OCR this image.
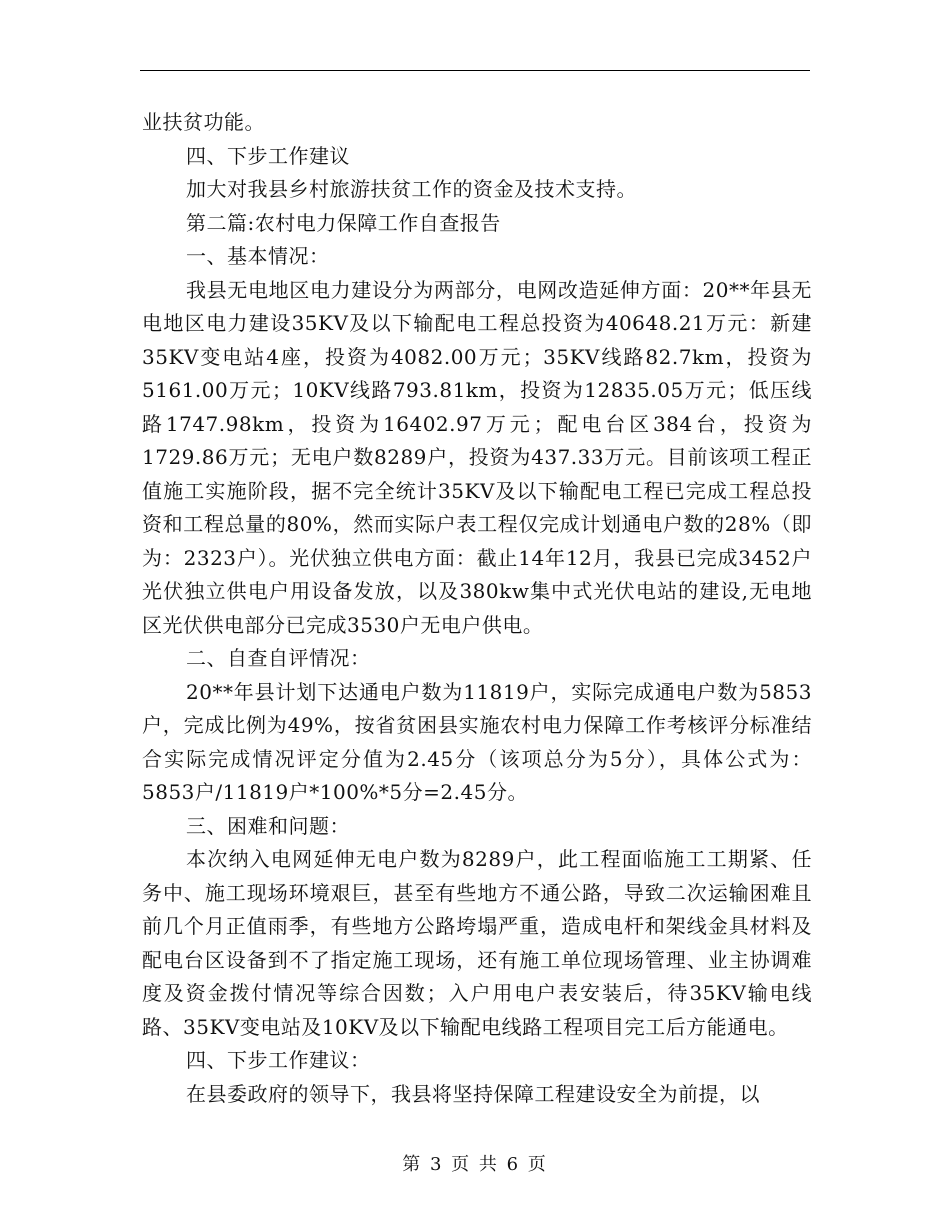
业扶贫功能。

四、下步工作建议

加大对我县乡村旅游扶贫工作的资金及技术支持。

第二篇:农村电力保障工作自查报告

一、基本情况：

我县无电地区电力建设分为两部分，电网改造延伸方面：20**年县无电地区电力建设35KV及以下输配电工程总投资为40648.21万元：新建35KV变电站4座，投资为4082.00万元；35KV线路82.7km，投资为5161.00万元；10KV线路793.81km，投资为12835.05万元；低压线路1747.98km，投资为16402.97万元；配电台区384台，投资为1729.86万元；无电户数8289户，投资为437.33万元。目前该项工程正值施工实施阶段，据不完全统计35KV及以下输配电工程已完成工程总投资和工程总量的80%，然而实际户表工程仅完成计划通电户数的28%（即为：2323户）。光伏独立供电方面：截止14年12月，我县已完成3452户光伏独立供电户用设备发放，以及380kw集中式光伏电站的建设,无电地区光伏供电部分已完成3530户无电户供电。

二、自查自评情况：

20**年县计划下达通电户数为11819户，实际完成通电户数为5853户，完成比例为49%，按省贫困县实施农村电力保障工作考核评分标准结合实际完成情况评定分值为2.45分（该项总分为5分），具体公式为：5853户/11819户*100%*5分=2.45分。

三、困难和问题：

本次纳入电网延伸无电户数为8289户，此工程面临施工工期紧、任务中、施工现场环境艰巨，甚至有些地方不通公路，导致二次运输困难且前几个月正值雨季，有些地方公路垮塌严重，造成电杆和架线金具材料及配电台区设备到不了指定施工现场，还有施工单位现场管理、业主协调难度及资金拨付情况等综合因数；入户用电户表安装后，待35KV输电线路、35KV变电站及10KV及以下输配电线路工程项目完工后方能通电。

四、下步工作建议：

在县委政府的领导下，我县将坚持保障工程建设安全为前提，以

第 3 页 共 6 页
